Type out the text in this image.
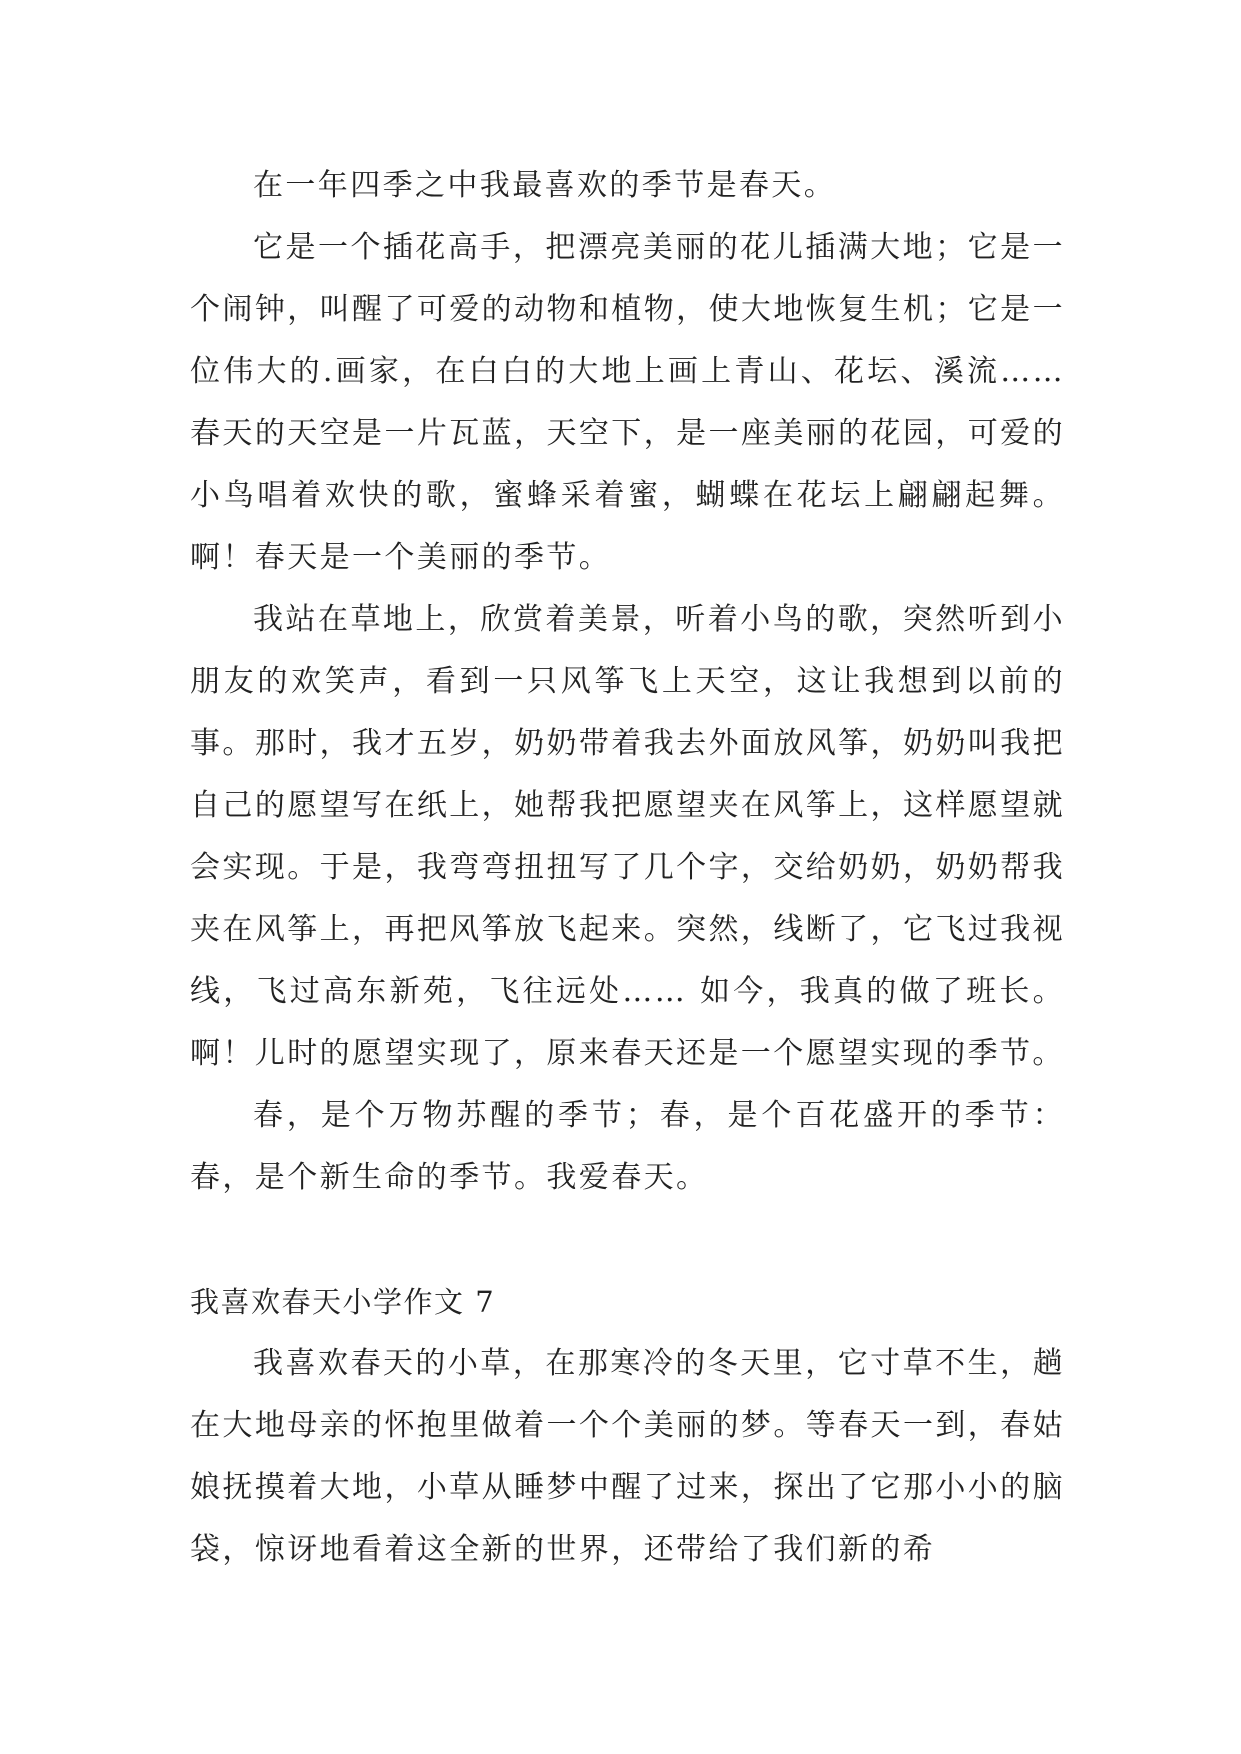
在一年四季之中我最喜欢的季节是春天。

它是一个插花高手，把漂亮美丽的花儿插满大地；它是一个闹钟，叫醒了可爱的动物和植物，使大地恢复生机；它是一位伟大的.画家，在白白的大地上画上青山、花坛、溪流…… 春天的天空是一片瓦蓝，天空下，是一座美丽的花园，可爱的小鸟唱着欢快的歌，蜜蜂采着蜜，蝴蝶在花坛上翩翩起舞。啊！春天是一个美丽的季节。

我站在草地上，欣赏着美景，听着小鸟的歌，突然听到小朋友的欢笑声，看到一只风筝飞上天空，这让我想到以前的事。那时，我才五岁，奶奶带着我去外面放风筝，奶奶叫我把自己的愿望写在纸上，她帮我把愿望夹在风筝上，这样愿望就会实现。于是，我弯弯扭扭写了几个字，交给奶奶，奶奶帮我夹在风筝上，再把风筝放飞起来。突然，线断了，它飞过我视线，飞过高东新苑，飞往远处…… 如今，我真的做了班长。啊！儿时的愿望实现了，原来春天还是一个愿望实现的季节。

春，是个万物苏醒的季节；春，是个百花盛开的季节：春，是个新生命的季节。我爱春天。

我喜欢春天小学作文 7

我喜欢春天的小草，在那寒冷的冬天里，它寸草不生，趟在大地母亲的怀抱里做着一个个美丽的梦。等春天一到，春姑娘抚摸着大地，小草从睡梦中醒了过来，探出了它那小小的脑袋，惊讶地看着这全新的世界，还带给了我们新的希
